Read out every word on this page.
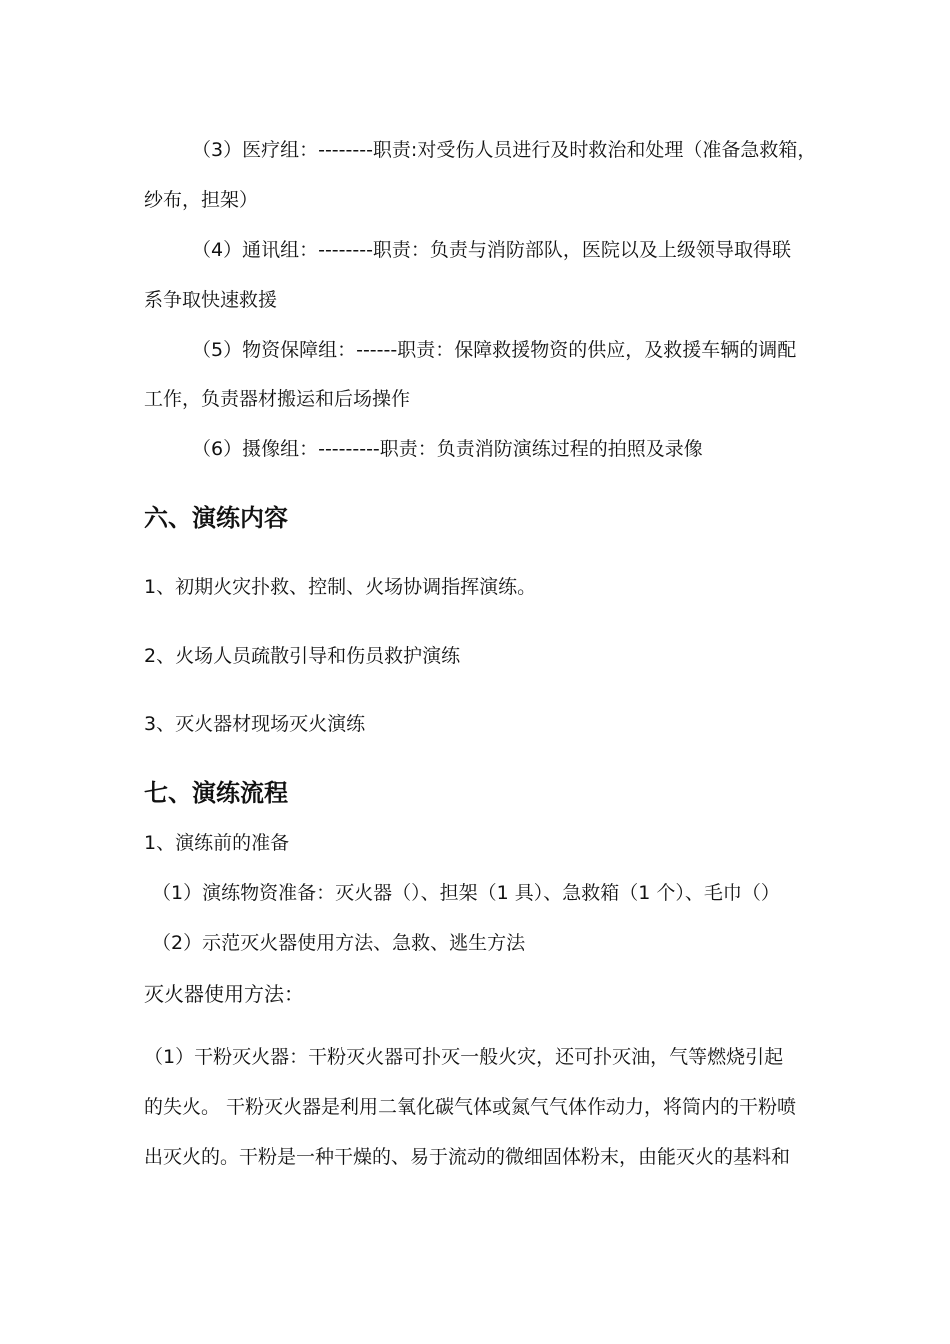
（3）医疗组：--------职责:对受伤人员进行及时救治和处理（准备急救箱，

纱布，担架）

（4）通讯组：--------职责：负责与消防部队，医院以及上级领导取得联

系争取快速救援

（5）物资保障组：------职责：保障救援物资的供应，及救援车辆的调配

工作，负责器材搬运和后场操作

（6）摄像组：---------职责：负责消防演练过程的拍照及录像

六、演练内容

1、初期火灾扑救、控制、火场协调指挥演练。

2、火场人员疏散引导和伤员救护演练

3、灭火器材现场灭火演练

七、演练流程

1、演练前的准备

（1）演练物资准备：灭火器（）、担架（1 具）、急救箱（1 个）、毛巾（）

（2）示范灭火器使用方法、急救、逃生方法

灭火器使用方法：

（1）干粉灭火器：干粉灭火器可扑灭一般火灾，还可扑灭油，气等燃烧引起

的失火。 干粉灭火器是利用二氧化碳气体或氮气气体作动力，将筒内的干粉喷

出灭火的。干粉是一种干燥的、易于流动的微细固体粉末，由能灭火的基料和
